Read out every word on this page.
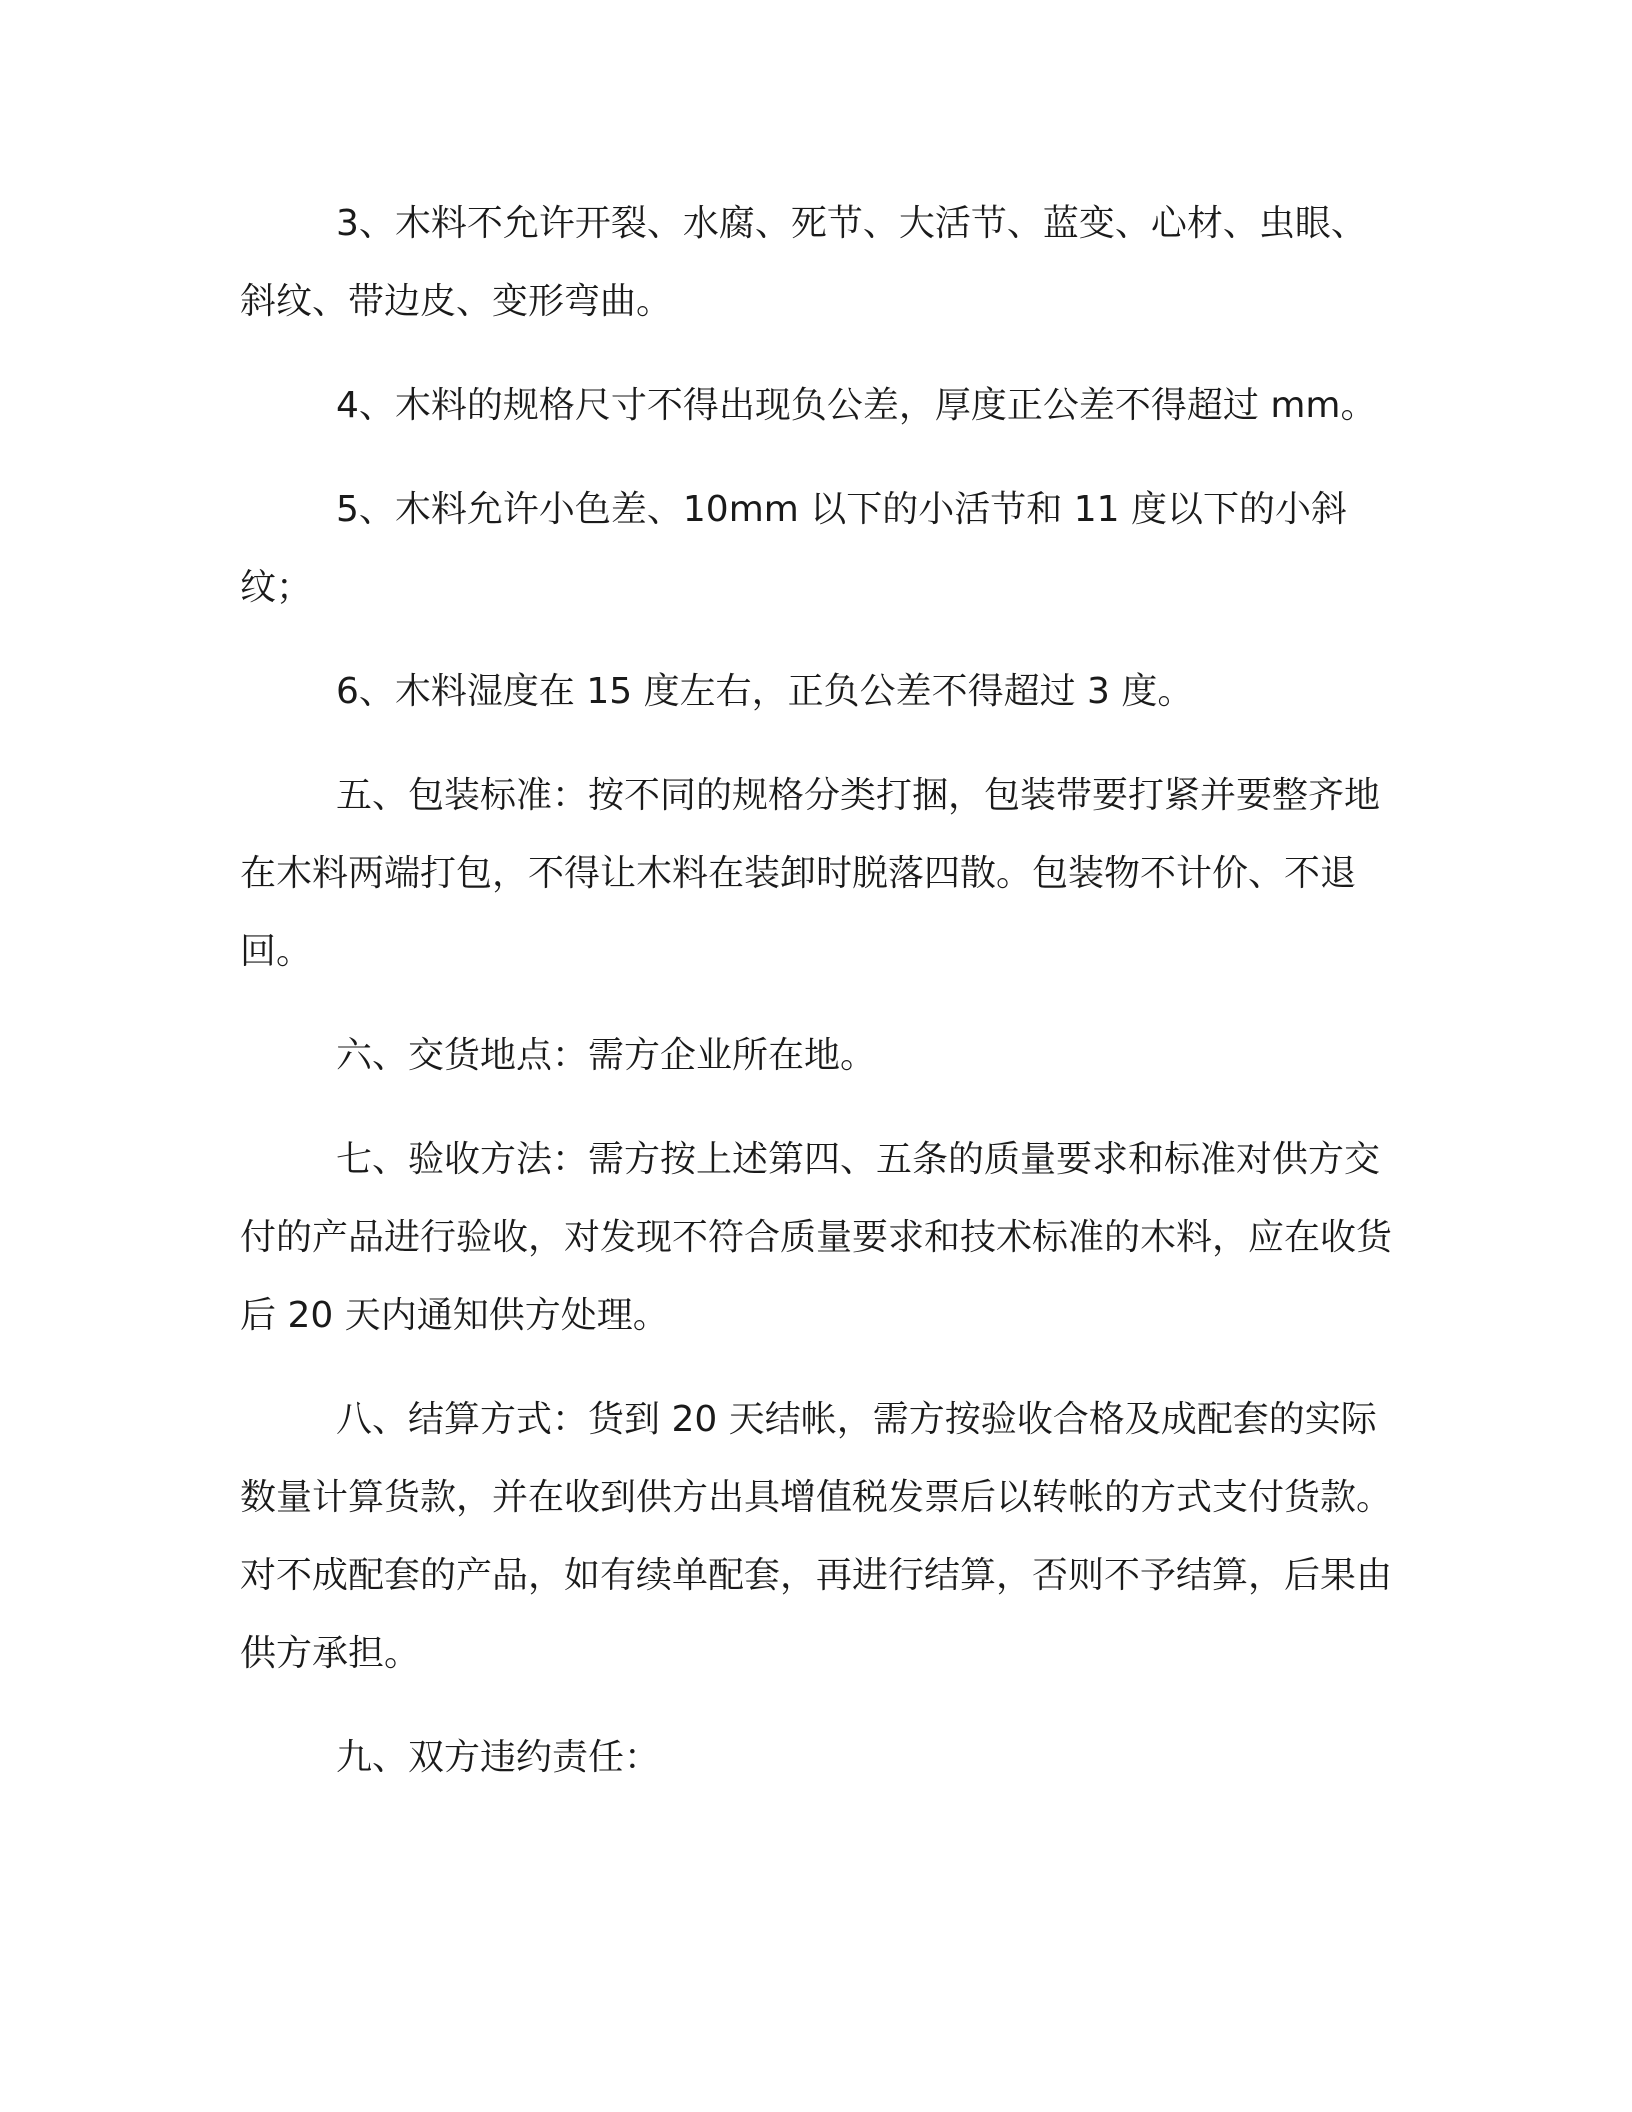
3、木料不允许开裂、水腐、死节、大活节、蓝变、心材、虫眼、斜纹、带边皮、变形弯曲。

4、木料的规格尺寸不得出现负公差，厚度正公差不得超过 mm。

5、木料允许小色差、10mm 以下的小活节和 11 度以下的小斜纹；

6、木料湿度在 15 度左右，正负公差不得超过 3 度。

五、包装标准：按不同的规格分类打捆，包装带要打紧并要整齐地在木料两端打包，不得让木料在装卸时脱落四散。包装物不计价、不退回。

六、交货地点：需方企业所在地。

七、验收方法：需方按上述第四、五条的质量要求和标准对供方交付的产品进行验收，对发现不符合质量要求和技术标准的木料，应在收货后 20 天内通知供方处理。

八、结算方式：货到 20 天结帐，需方按验收合格及成配套的实际数量计算货款，并在收到供方出具增值税发票后以转帐的方式支付货款。对不成配套的产品，如有续单配套，再进行结算，否则不予结算，后果由供方承担。

九、双方违约责任：
